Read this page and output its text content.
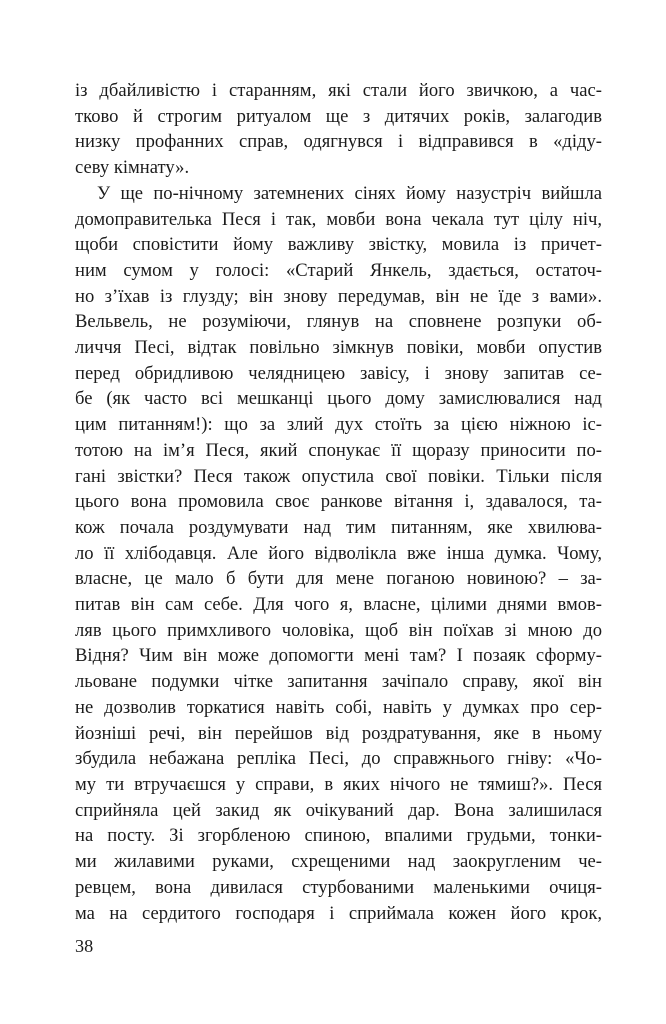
із дбайливістю і старанням, які стали його звичкою, а час-
тково й строгим ритуалом ще з дитячих років, залагодив
низку профанних справ, одягнувся і відправився в «діду-
севу кімнату».
У ще по-нічному затемнених сінях йому назустріч вийшла
домоправителька Песя і так, мовби вона чекала тут цілу ніч,
щоби сповістити йому важливу звістку, мовила із причет-
ним сумом у голосі: «Старий Янкель, здається, остаточ-
но з’їхав із глузду; він знову передумав, він не їде з вами».
Вельвель, не розуміючи, глянув на сповнене розпуки об-
личчя Песі, відтак повільно зімкнув повіки, мовби опустив
перед обридливою челядницею завісу, і знову запитав се-
бе (як часто всі мешканці цього дому замислювалися над
цим питанням!): що за злий дух стоїть за цією ніжною іс-
тотою на ім’я Песя, який спонукає її щоразу приносити по-
гані звістки? Песя також опустила свої повіки. Тільки після
цього вона промовила своє ранкове вітання і, здавалося, та-
кож почала роздумувати над тим питанням, яке хвилюва-
ло її хлібодавця. Але його відволікла вже інша думка. Чому,
власне, це мало б бути для мене поганою новиною? – за-
питав він сам себе. Для чого я, власне, цілими днями вмов-
ляв цього примхливого чоловіка, щоб він поїхав зі мною до
Відня? Чим він може допомогти мені там? І позаяк сформу-
льоване подумки чітке запитання зачіпало справу, якої він
не дозволив торкатися навіть собі, навіть у думках про сер-
йозніші речі, він перейшов від роздратування, яке в ньому
збудила небажана репліка Песі, до справжнього гніву: «Чо-
му ти втручаєшся у справи, в яких нічого не тямиш?». Песя
сприйняла цей закид як очікуваний дар. Вона залишилася
на посту. Зі згорбленою спиною, впалими грудьми, тонки-
ми жилавими руками, схрещеними над заокругленим че-
ревцем, вона дивилася стурбованими маленькими очиця-
ма на сердитого господаря і сприймала кожен його крок,
38
